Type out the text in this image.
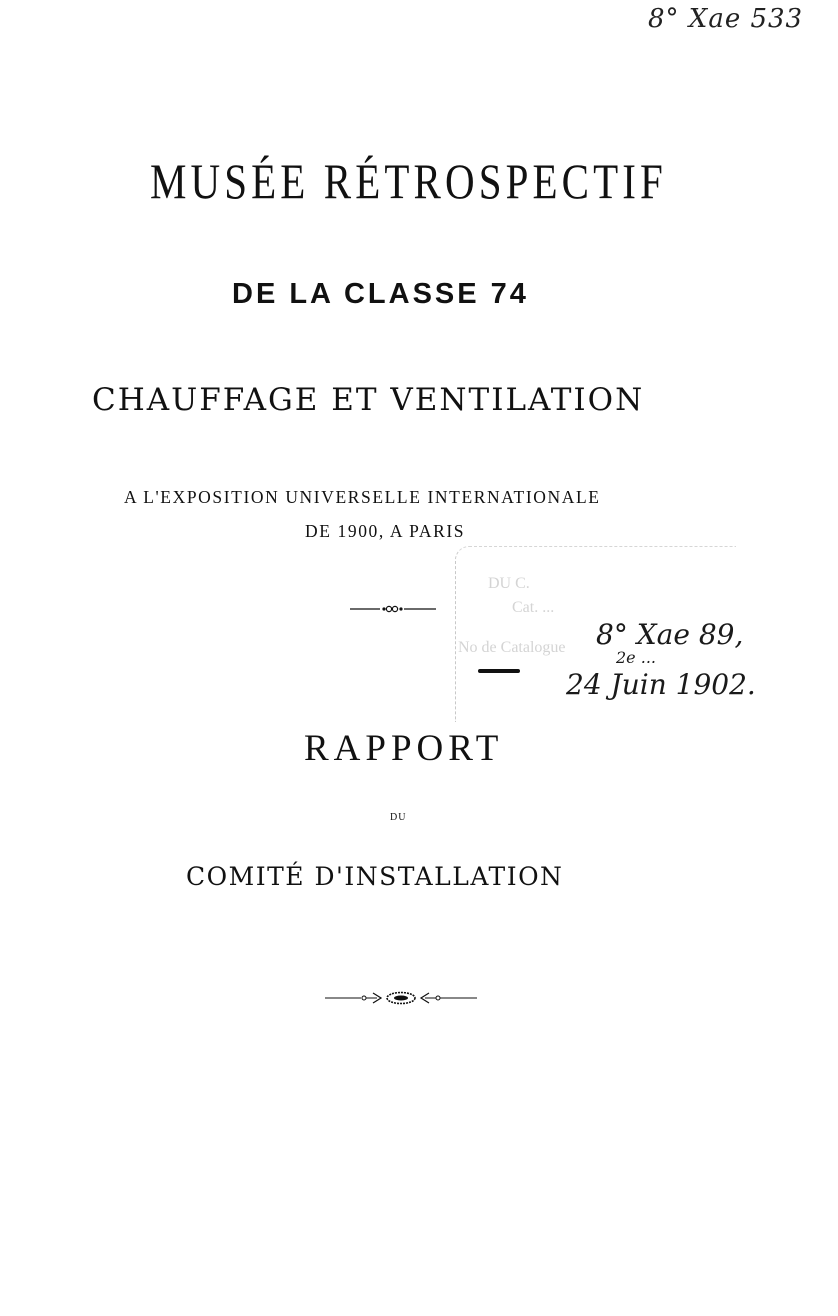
8° Xae 533
MUSÉE RÉTROSPECTIF
DE LA CLASSE 74
CHAUFFAGE ET VENTILATION
A L'EXPOSITION UNIVERSELLE INTERNATIONALE
DE 1900, A PARIS
DU C.
Cat. ...
No de Catalogue 8° Xae 89,
2e ...
24 Juin 1902.
RAPPORT
DU
COMITÉ D'INSTALLATION
